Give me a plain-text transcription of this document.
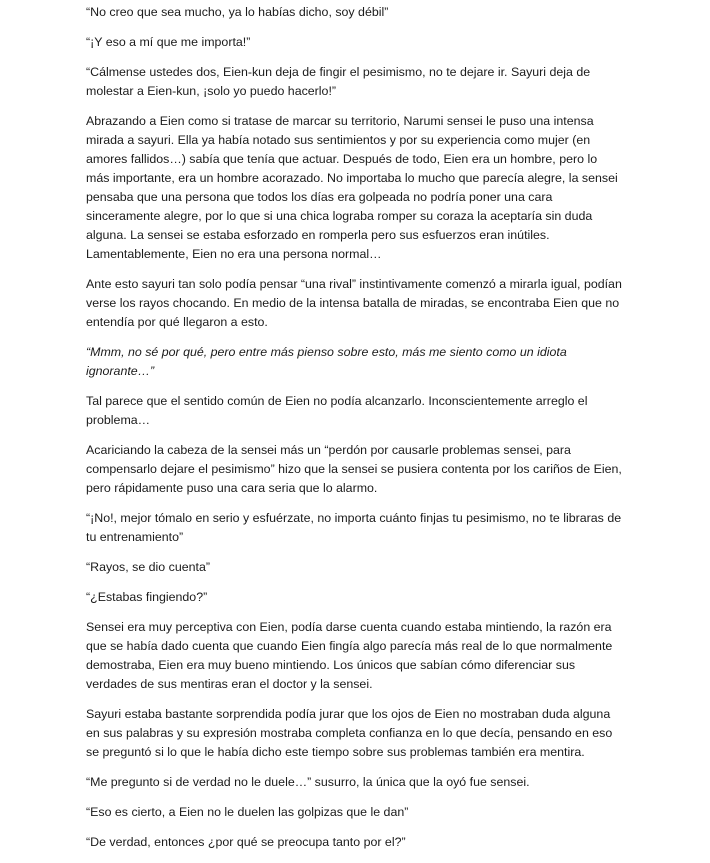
“No creo que sea mucho, ya lo habías dicho, soy débil”

“¡Y eso a mí que me importa!”

“Cálmense ustedes dos, Eien-kun deja de fingir el pesimismo, no te dejare ir. Sayuri deja de molestar a Eien-kun, ¡solo yo puedo hacerlo!”

Abrazando a Eien como si tratase de marcar su territorio, Narumi sensei le puso una intensa mirada a sayuri. Ella ya había notado sus sentimientos y por su experiencia como mujer (en amores fallidos…) sabía que tenía que actuar. Después de todo, Eien era un hombre, pero lo más importante, era un hombre acorazado. No importaba lo mucho que parecía alegre, la sensei pensaba que una persona que todos los días era golpeada no podría poner una cara sinceramente alegre, por lo que si una chica lograba romper su coraza la aceptaría sin duda alguna. La sensei se estaba esforzado en romperla pero sus esfuerzos eran inútiles. Lamentablemente, Eien no era una persona normal…

Ante esto sayuri tan solo podía pensar “una rival” instintivamente comenzó a mirarla igual, podían verse los rayos chocando. En medio de la intensa batalla de miradas, se encontraba Eien que no entendía por qué llegaron a esto.

“Mmm, no sé por qué, pero entre más pienso sobre esto, más me siento como un idiota ignorante…”

Tal parece que el sentido común de Eien no podía alcanzarlo. Inconscientemente arreglo el problema…

Acariciando la cabeza de la sensei más un “perdón por causarle problemas sensei, para compensarlo dejare el pesimismo” hizo que la sensei se pusiera contenta por los cariños de Eien, pero rápidamente puso una cara seria que lo alarmo.

“¡No!, mejor tómalo en serio y esfuérzate, no importa cuánto finjas tu pesimismo, no te libraras de tu entrenamiento”

“Rayos, se dio cuenta”

“¿Estabas fingiendo?”

Sensei era muy perceptiva con Eien, podía darse cuenta cuando estaba mintiendo, la razón era que se había dado cuenta que cuando Eien fingía algo parecía más real de lo que normalmente demostraba, Eien era muy bueno mintiendo. Los únicos que sabían cómo diferenciar sus verdades de sus mentiras eran el doctor y la sensei.

Sayuri estaba bastante sorprendida podía jurar que los ojos de Eien no mostraban duda alguna en sus palabras y su expresión mostraba completa confianza en lo que decía, pensando en eso se preguntó si lo que le había dicho este tiempo sobre sus problemas también era mentira.

“Me pregunto si de verdad no le duele…” susurro, la única que la oyó fue sensei.

“Eso es cierto, a Eien no le duelen las golpizas que le dan”

“De verdad, entonces ¿por qué se preocupa tanto por el?”
